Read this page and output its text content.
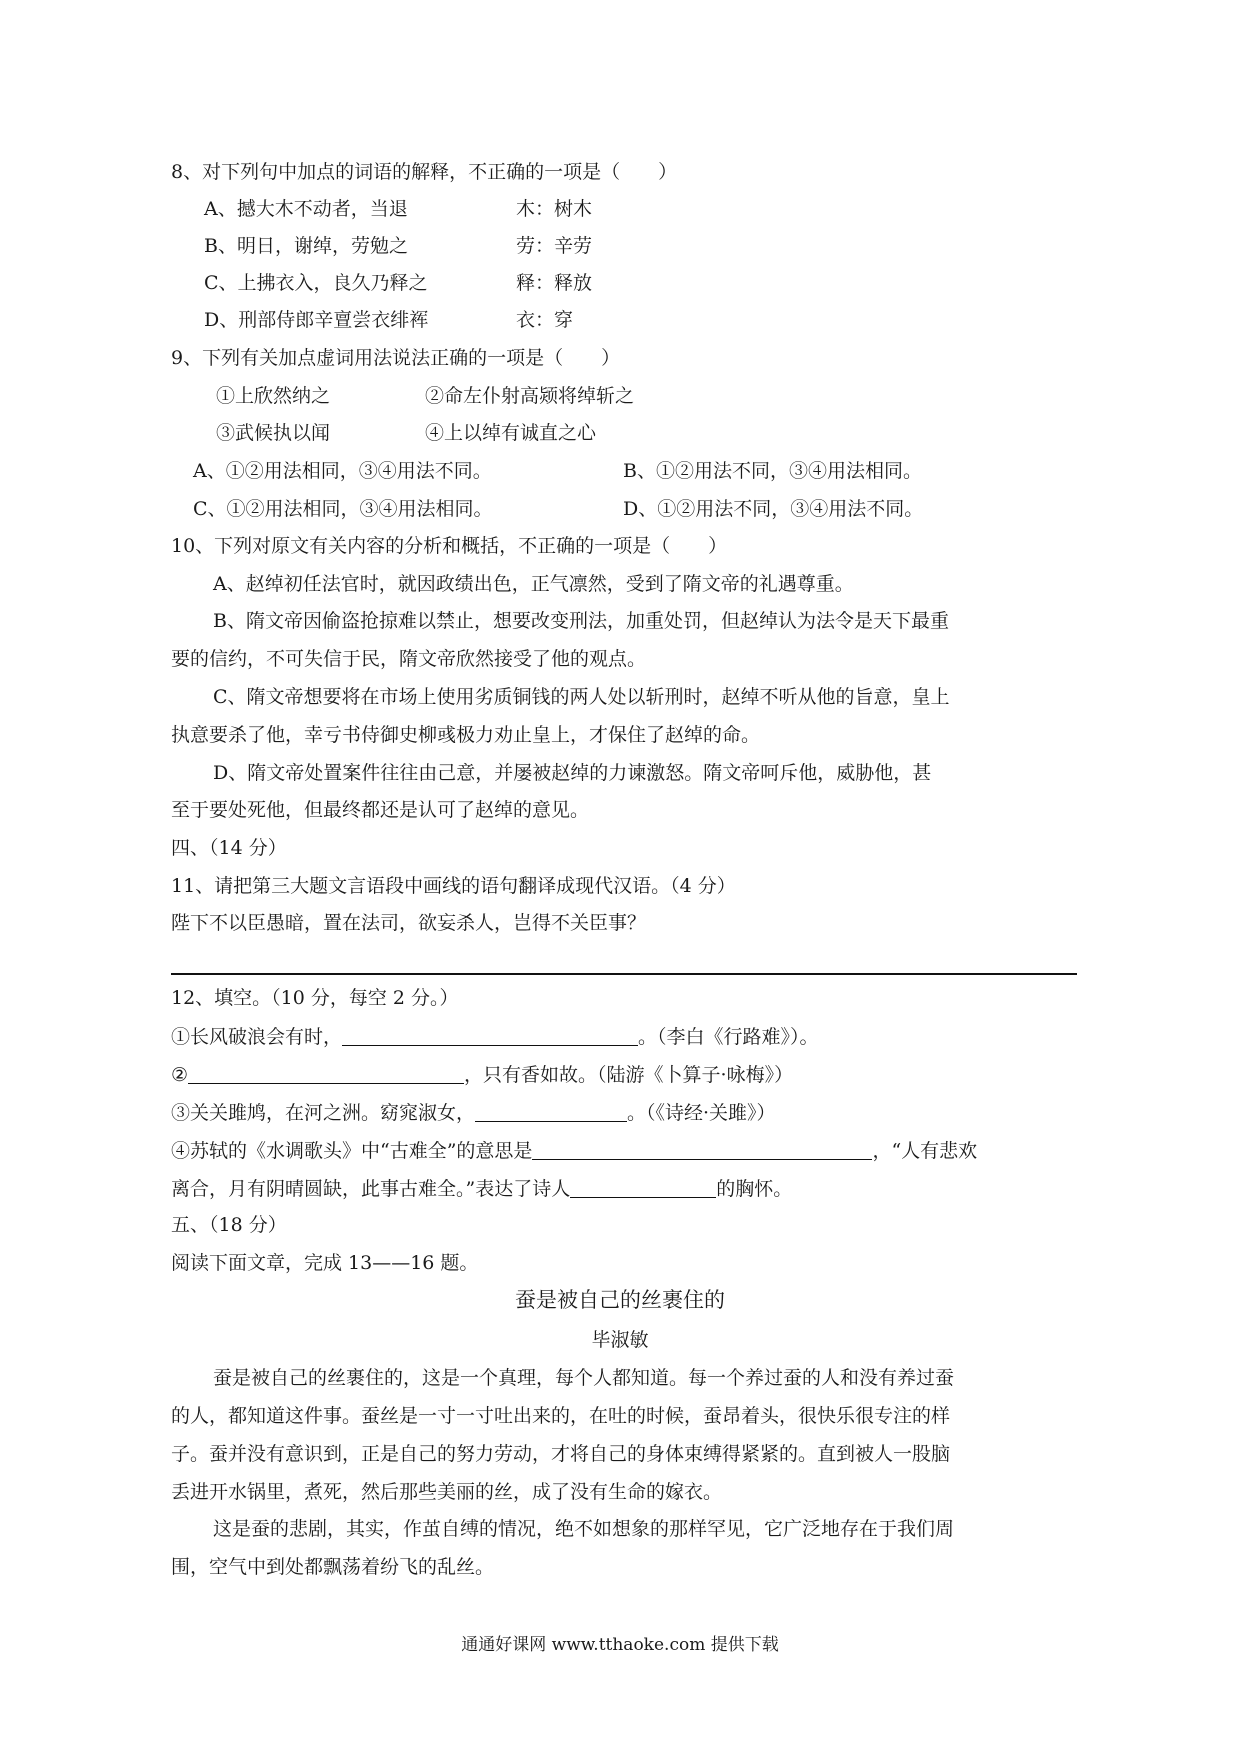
8、对下列句中加点的词语的解释，不正确的一项是（　　）
A、撼大木不动者，当退	木：树木
B、明日，谢绰，劳勉之	劳：辛劳
C、上拂衣入，良久乃释之	释：释放
D、刑部侍郎辛亶尝衣绯裈	衣：穿
9、下列有关加点虚词用法说法正确的一项是（　　）
①上欣然纳之	②命左仆射高颎将绰斩之
③武候执以闻	④上以绰有诚直之心
A、①②用法相同，③④用法不同。	B、①②用法不同，③④用法相同。
C、①②用法相同，③④用法相同。	D、①②用法不同，③④用法不同。
10、下列对原文有关内容的分析和概括，不正确的一项是（　　）
A、赵绰初任法官时，就因政绩出色，正气凛然，受到了隋文帝的礼遇尊重。
B、隋文帝因偷盗抢掠难以禁止，想要改变刑法，加重处罚，但赵绰认为法令是天下最重
要的信约，不可失信于民，隋文帝欣然接受了他的观点。
C、隋文帝想要将在市场上使用劣质铜钱的两人处以斩刑时，赵绰不听从他的旨意，皇上
执意要杀了他，幸亏书侍御史柳彧极力劝止皇上，才保住了赵绰的命。
D、隋文帝处置案件往往由己意，并屡被赵绰的力谏激怒。隋文帝呵斥他，威胁他，甚
至于要处死他，但最终都还是认可了赵绰的意见。
四、（14 分）
11、请把第三大题文言语段中画线的语句翻译成现代汉语。（4 分）
陛下不以臣愚暗，置在法司，欲妄杀人，岂得不关臣事？
12、填空。（10 分，每空 2 分。）
①长风破浪会有时，	。（李白《行路难》）。
②	，只有香如故。（陆游《卜算子·咏梅》）
③关关雎鸠，在河之洲。窈窕淑女，	。（《诗经·关雎》）
④苏轼的《水调歌头》中“古难全”的意思是	，“人有悲欢
离合，月有阴晴圆缺，此事古难全。”表达了诗人	的胸怀。
五、（18 分）
阅读下面文章，完成 13——16 题。
蚕是被自己的丝裹住的
毕淑敏
蚕是被自己的丝裹住的，这是一个真理，每个人都知道。每一个养过蚕的人和没有养过蚕
的人，都知道这件事。蚕丝是一寸一寸吐出来的，在吐的时候，蚕昂着头，很快乐很专注的样
子。蚕并没有意识到，正是自己的努力劳动，才将自己的身体束缚得紧紧的。直到被人一股脑
丢进开水锅里，煮死，然后那些美丽的丝，成了没有生命的嫁衣。
这是蚕的悲剧，其实，作茧自缚的情况，绝不如想象的那样罕见，它广泛地存在于我们周
围，空气中到处都飘荡着纷飞的乱丝。
通通好课网 www.tthaoke.com 提供下载
